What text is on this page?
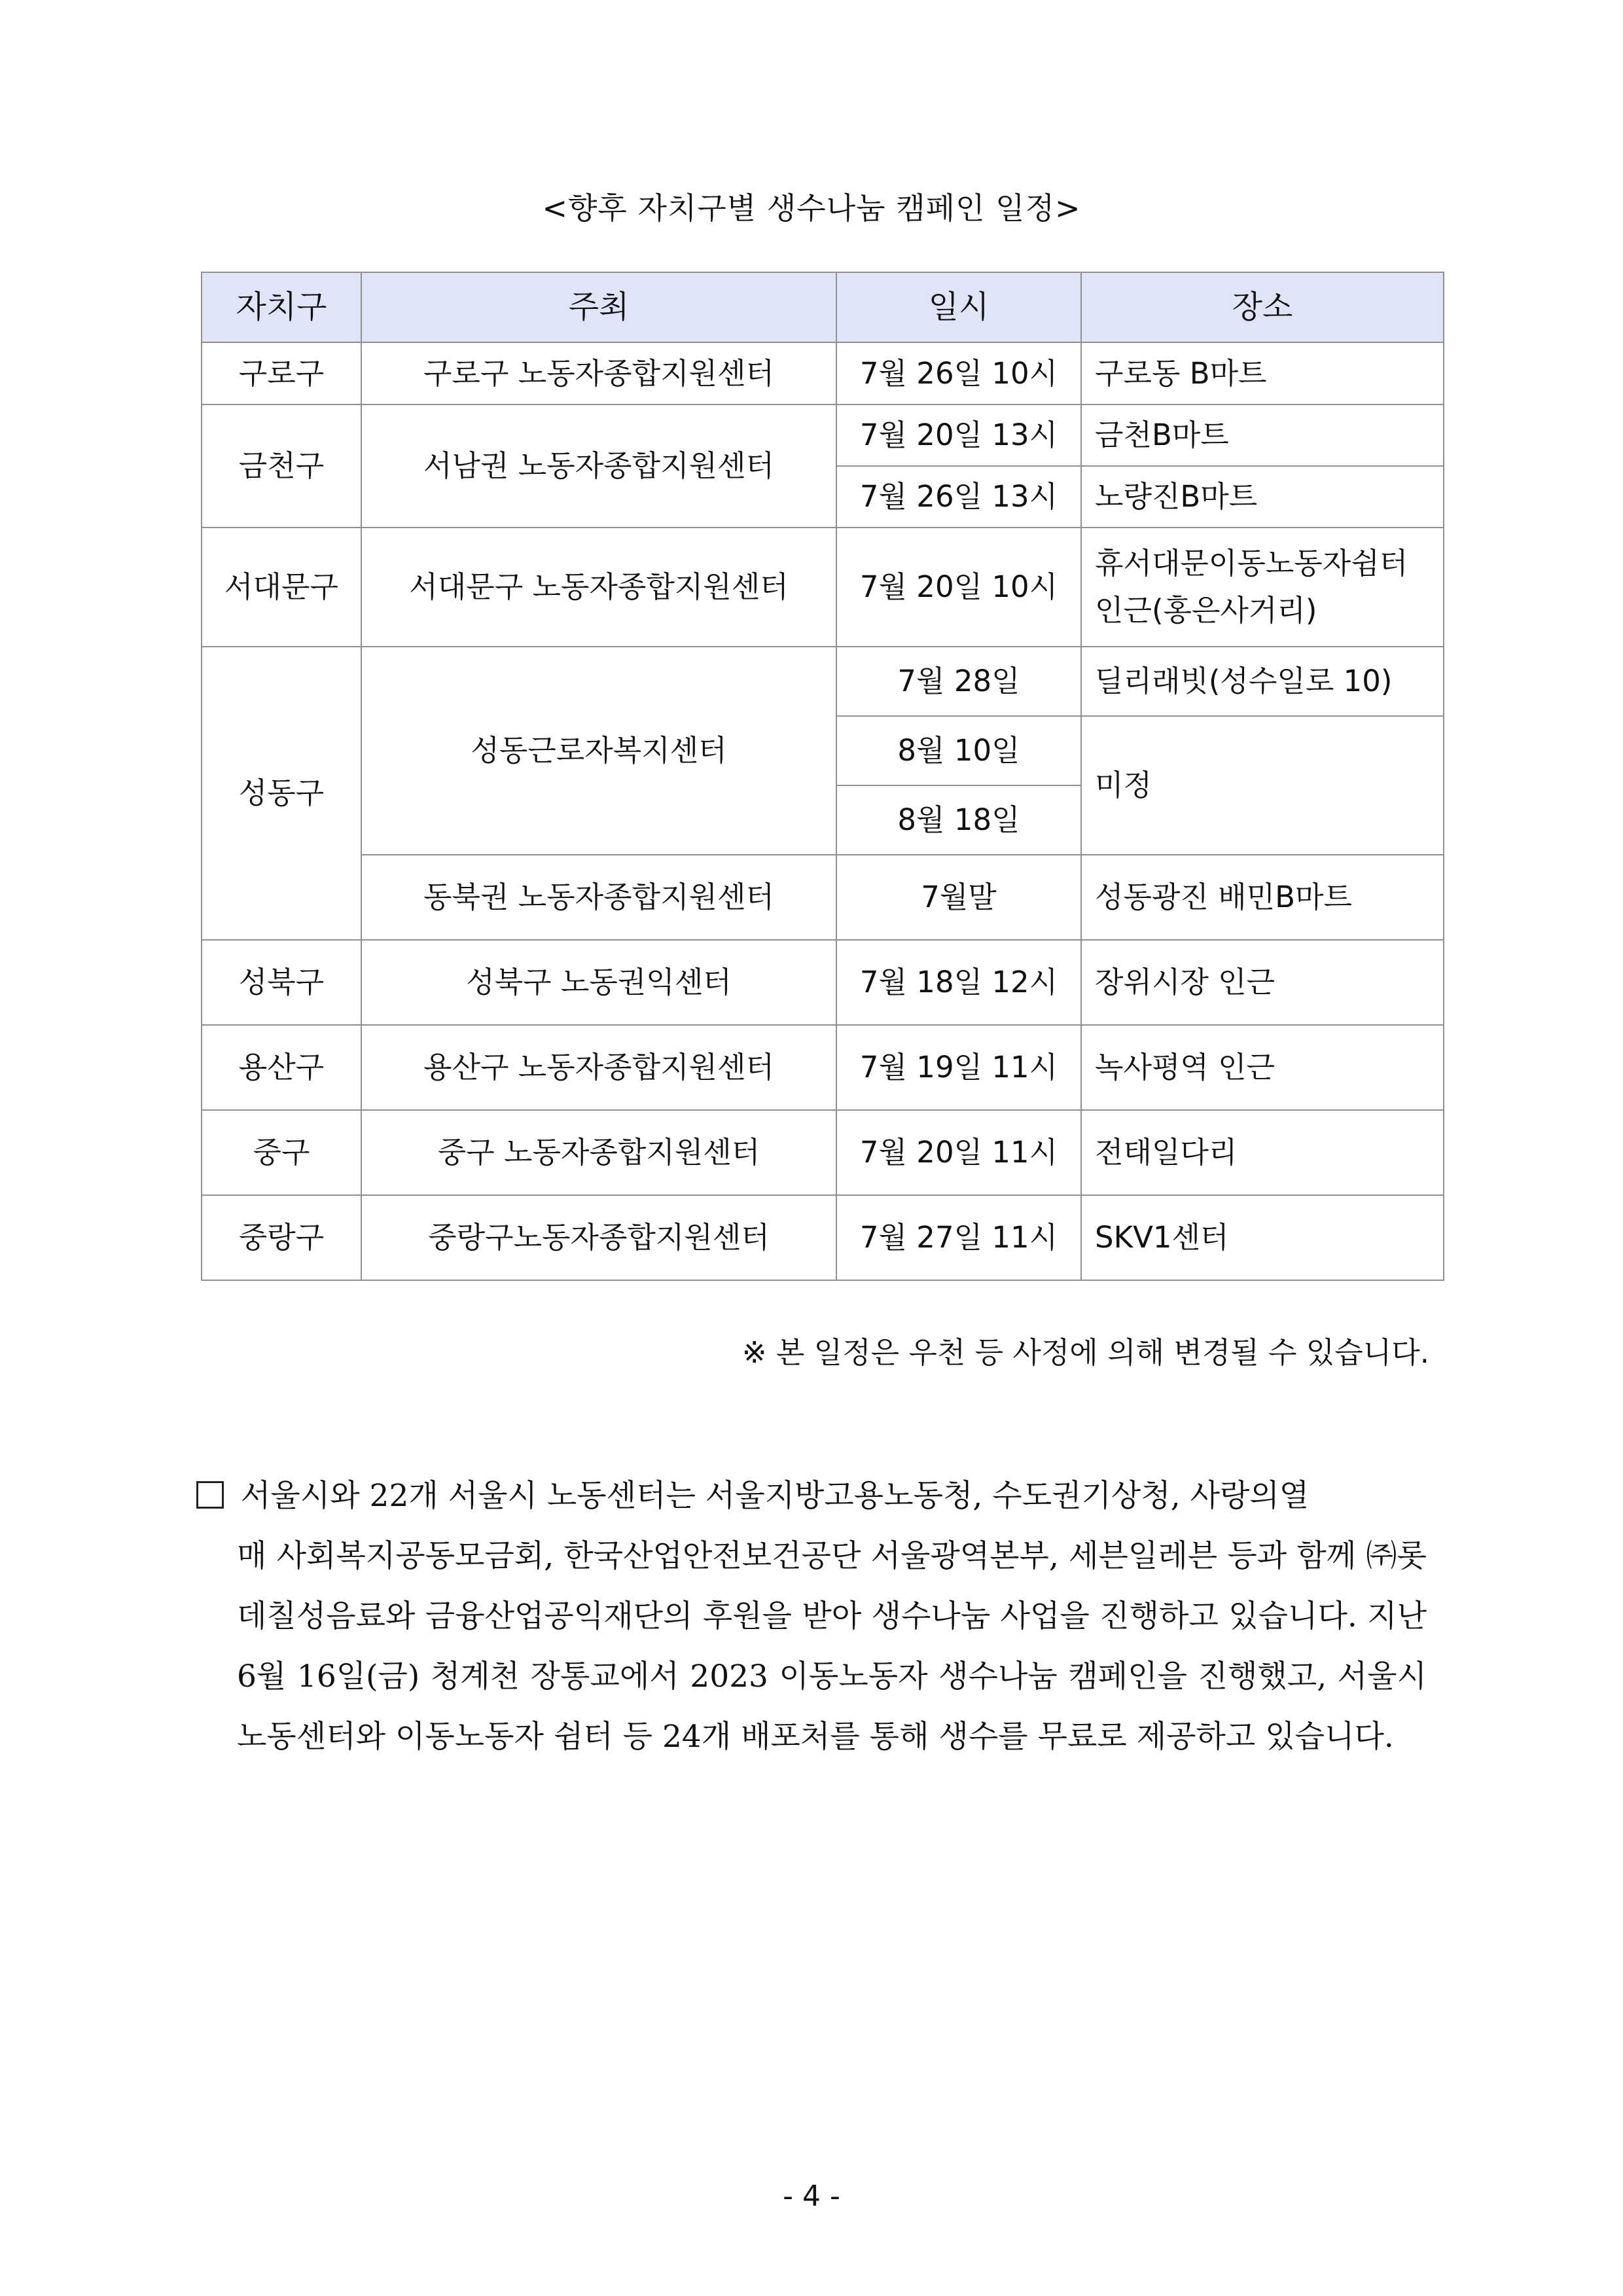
<향후 자치구별 생수나눔 캠페인 일정>
자치구	주최	일시	장소
구로구	구로구 노동자종합지원센터	7월 26일 10시	구로동 B마트
금천구	서남권 노동자종합지원센터	7월 20일 13시	금천B마트
		7월 26일 13시	노량진B마트
서대문구	서대문구 노동자종합지원센터	7월 20일 10시	휴서대문이동노동자쉼터
인근(홍은사거리)

성동구	성동근로자복지센터	7월 28일	딜리래빗(성수일로 10)
		8월 10일	미정
		8월 18일	
	동북권 노동자종합지원센터	7월말	성동광진 배민B마트
성북구	성북구 노동권익센터	7월 18일 12시	장위시장 인근
용산구	용산구 노동자종합지원센터	7월 19일 11시	녹사평역 인근
중구	중구 노동자종합지원센터	7월 20일 11시	전태일다리
중랑구	중랑구노동자종합지원센터	7월 27일 11시	SKV1센터
※ 본 일정은 우천 등 사정에 의해 변경될 수 있습니다.
서울시와 22개 서울시 노동센터는 서울지방고용노동청, 수도권기상청, 사랑의열
매 사회복지공동모금회, 한국산업안전보건공단 서울광역본부, 세븐일레븐 등과 함께 ㈜롯데칠성음료와 금융산업공익재단의 후원을 받아 생수나눔 사업을 진행하고 있습니다. 지난 6월 16일(금) 청계천 장통교에서 2023 이동노동자 생수나눔 캠페인을 진행했고, 서울시 노동센터와 이동노동자 쉼터 등 24개 배포처를 통해 생수를 무료로 제공하고 있습니다.
- 4 -
